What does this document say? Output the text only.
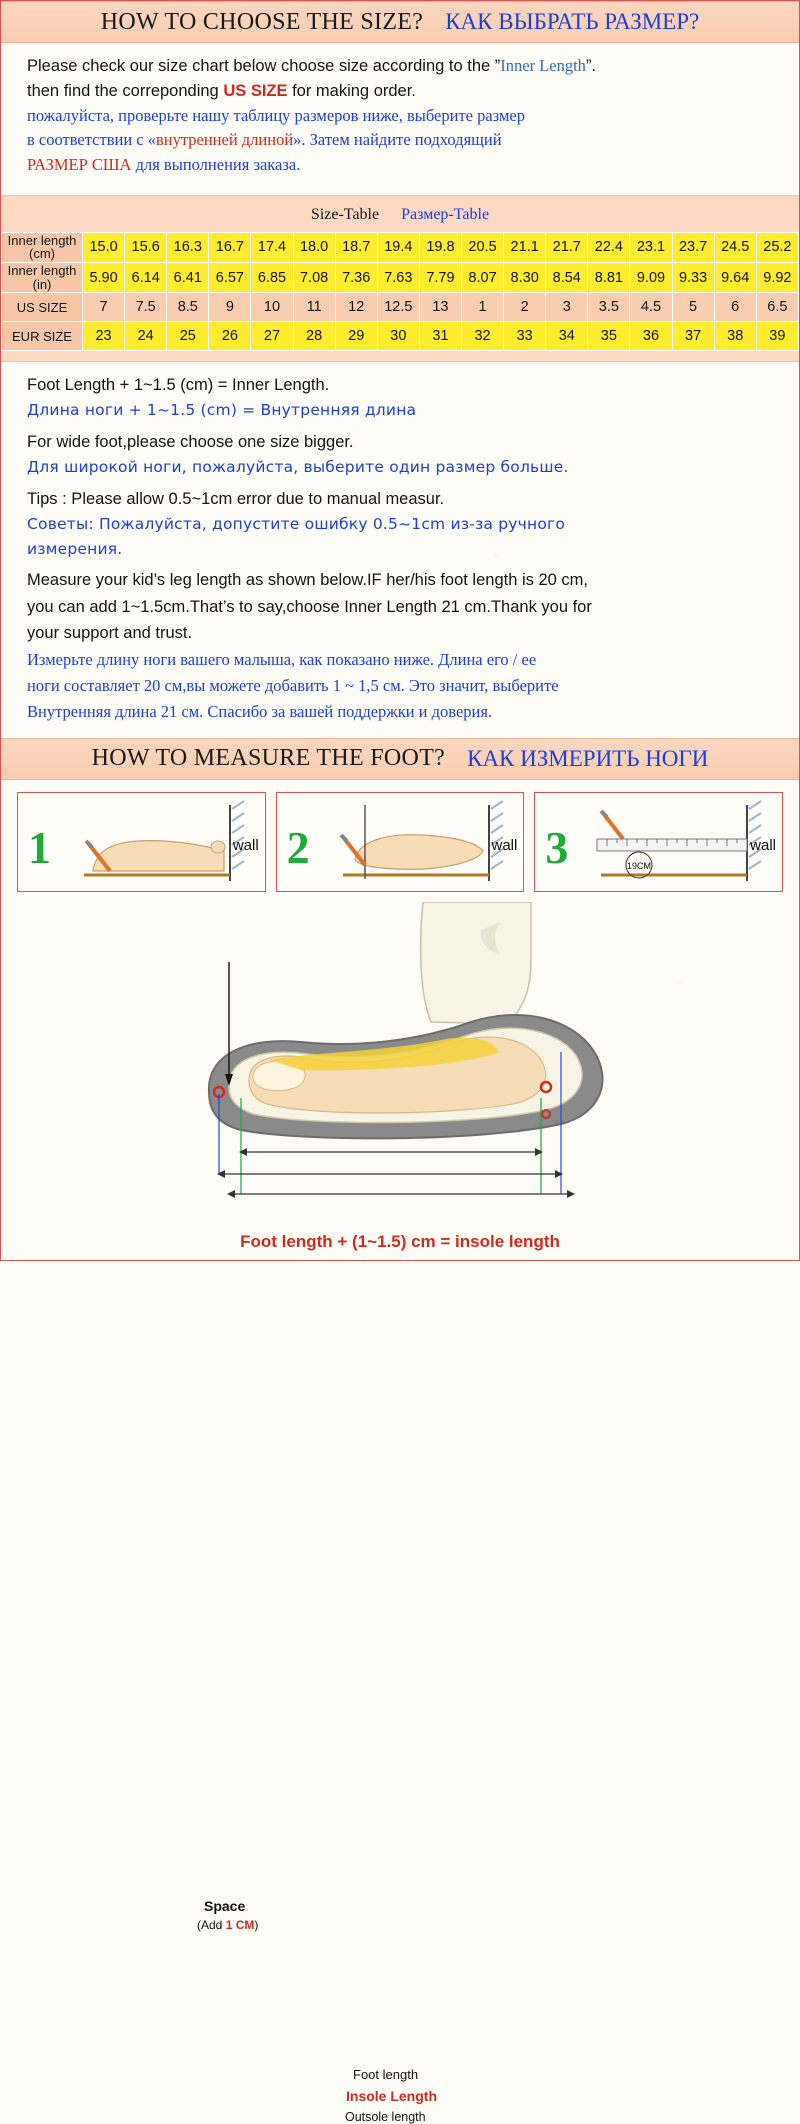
HOW TO CHOOSE THE SIZE? КАК ВЫБРАТЬ РАЗМЕР?

Please check our size chart below choose size according to the ”Inner Length”.

then find the correponding US SIZE for making order.

пожалуйста, проверьте нашу таблицу размеров ниже, выберите размер

в соответствии с «внутренней длиной». Затем найдите подходящий

РАЗМЕР США для выполнения заказа.

Size-Table Размер-Table
Inner length
(cm)	15.0	15.6	16.3	16.7	17.4	18.0	18.7	19.4	19.8	20.5	21.1	21.7	22.4	23.1	23.7	24.5	25.2

Inner length
(in)	5.90	6.14	6.41	6.57	6.85	7.08	7.36	7.63	7.79	8.07	8.30	8.54	8.81	9.09	9.33	9.64	9.92

US SIZE	7	7.5	8.5	9	10	11	12	12.5	13	1	2	3	3.5	4.5	5	6	6.5

EUR SIZE	23	24	25	26	27	28	29	30	31	32	33	34	35	36	37	38	39

Foot Length + 1~1.5 (cm) = Inner Length.

Длина ноги + 1~1.5 (cm) = Внутренняя длина

For wide foot,please choose one size bigger.

Для широкой ноги, пожалуйста, выберите один размер больше.

Tips : Please allow 0.5~1cm error due to manual measur.

Советы: Пожалуйста, допустите ошибку 0.5~1cm из-за ручного

измерения.

Measure your kid’s leg length as shown below.IF her/his foot length is 20 cm,

you can add 1~1.5cm.That’s to say,choose Inner Length 21 cm.Thank you for

your support and trust.

Измерьте длину ноги вашего малыша, как показано ниже. Длина его / ее

ноги составляет 20 см,вы можете добавить 1 ~ 1,5 см. Это значит, выберите

Внутренняя длина 21 см. Спасибо за вашей поддержки и доверия.

HOW TO MEASURE THE FOOT? КАК ИЗМЕРИТЬ НОГИ
1	wall 2	wall 3	19CM
wall
Space
(Add 1 CM)
Foot length
Insole Length
Outsole length
Foot length + (1~1.5) cm = insole length
